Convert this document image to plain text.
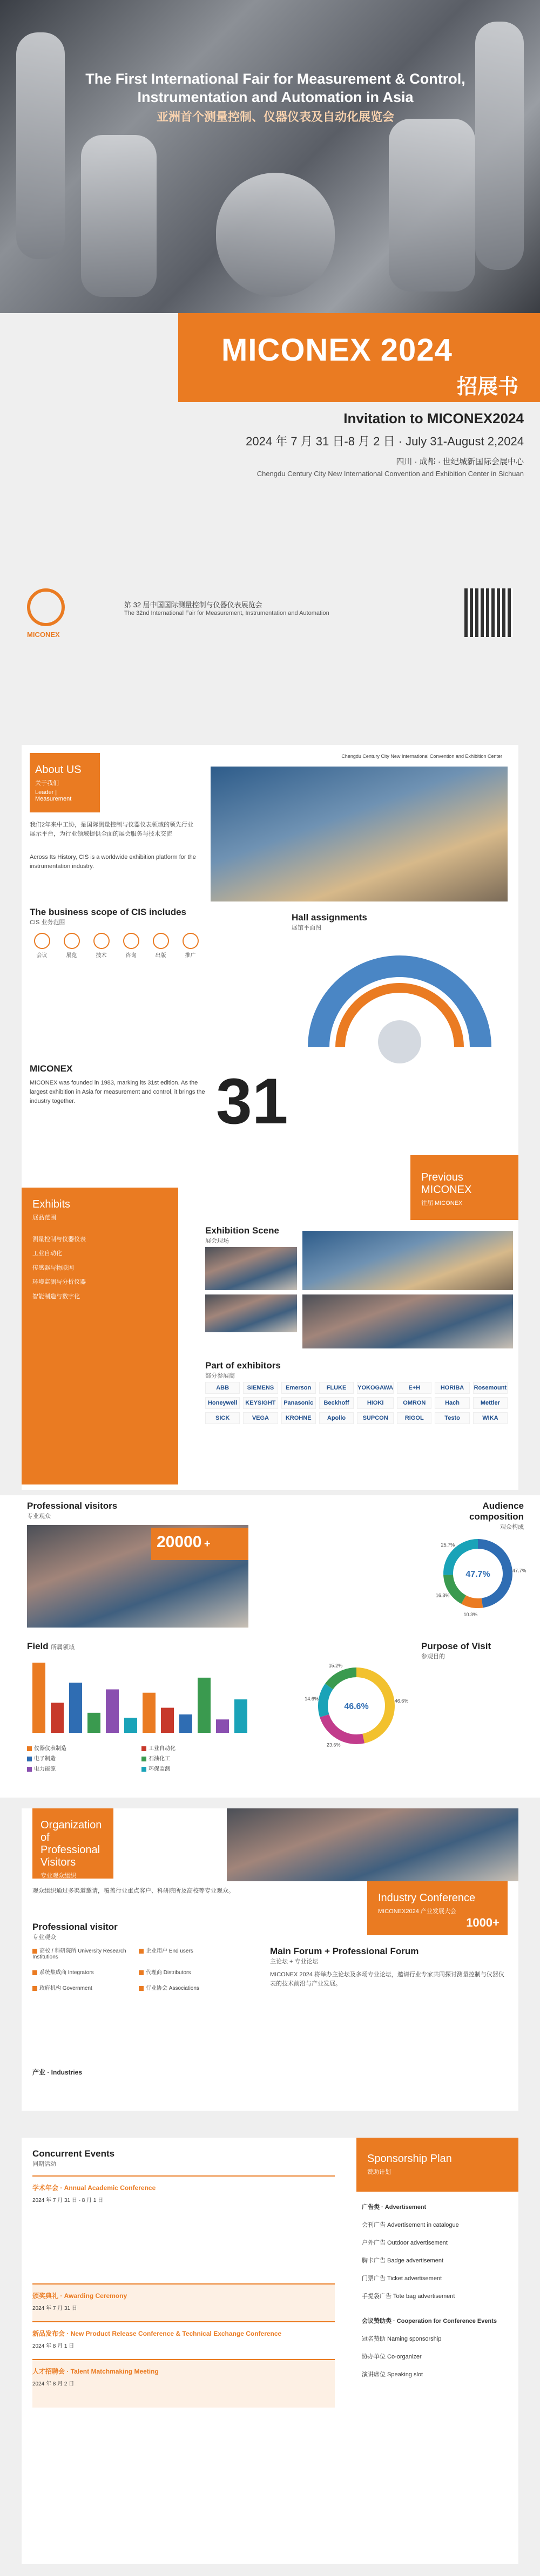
The First International Fair for Measurement & Control, Instrumentation and Automation in Asia
亚洲首个测量控制、仪器仪表及自动化展览会
MICONEX 2024
招展书
Invitation to MICONEX2024
2024 年 7 月 31 日-8 月 2 日 · July 31-August 2,2024
四川 · 成都 · 世纪城新国际会展中心
Chengdu Century City New International Convention and Exhibition Center in Sichuan
MICONEX
第 32 届中国国际测量控制与仪器仪表展览会
The 32nd International Fair for Measurement, Instrumentation and Automation
About US

关于我们

Leader | Measurement

Chengdu Century City New International Convention and Exhibition Center
我们2年来中工协，是国际测量控制与仪器仪表领域的领先行业展示平台，为行业领域提供全面的展会服务与技术交流
Across Its History, CIS is a worldwide exhibition platform for the instrumentation industry.
The business scope of CIS includes
CIS 业务范围
会议	展览	技术	咨询	出版	推广
Hall assignments
展馆平面图
MICONEX
MICONEX was founded in 1983, marking its 31st edition. As the largest exhibition in Asia for measurement and control, it brings the industry together.	31
Previous MICONEX

往届 MICONEX

Exhibits

展品范围

测量控制与仪器仪表
工业自动化
传感器与物联网
环境监测与分析仪器
智能制造与数字化
Exhibition Scene
展会现场
Part of exhibitors
部分参展商
ABB	SIEMENS	Emerson	FLUKE	YOKOGAWA	E+H	HORIBA	Rosemount
Honeywell	KEYSIGHT	Panasonic	Beckhoff	HIOKI	OMRON	Hach	Mettler
SICK	VEGA	KROHNE	Apollo	SUPCON	RIGOL	Testo	WIKA
Professional visitors
专业观众
20000 +
Audience composition
观众构成
47.7%
10.3%
16.3%
25.7%
47.7%
Field 所属领域
仪器仪表制造	工业自动化
电子制造	石油化工
电力能源	环保监测
Purpose of Visit
参观目的
46.6%
23.6%
14.6%
15.2%
46.6%
Organization of Professional Visitors

专业观众组织

观众组织通过多渠道邀请，覆盖行业重点客户、科研院所及高校等专业观众。
Industry Conference

MICONEX2024 产业发展大会

1000+
Professional visitor
专业观众
高校 / 科研院所 University Research Institutions
企业用户 End users
系统集成商 Integrators	代理商 Distributors
政府机构 Government	行业协会 Associations
产业 · Industries
Main Forum + Professional Forum
主论坛 + 专业论坛
MICONEX 2024 将举办主论坛及多场专业论坛，邀请行业专家共同探讨测量控制与仪器仪表的技术前沿与产业发展。
Concurrent Events
同期活动
学术年会 · Annual Academic Conference
2024 年 7 月 31 日 - 8 月 1 日
颁奖典礼 · Awarding Ceremony
2024 年 7 月 31 日
新品发布会 · New Product Release Conference & Technical Exchange Conference
2024 年 8 月 1 日
人才招聘会 · Talent Matchmaking Meeting
2024 年 8 月 2 日
Sponsorship Plan

赞助计划

广告类 · Advertisement
会刊广告 Advertisement in catalogue
户外广告 Outdoor advertisement
胸卡广告 Badge advertisement
门票广告 Ticket advertisement
手提袋广告 Tote bag advertisement
会议赞助类 · Cooperation for Conference Events
冠名赞助 Naming sponsorship
协办单位 Co-organizer
演讲席位 Speaking slot
